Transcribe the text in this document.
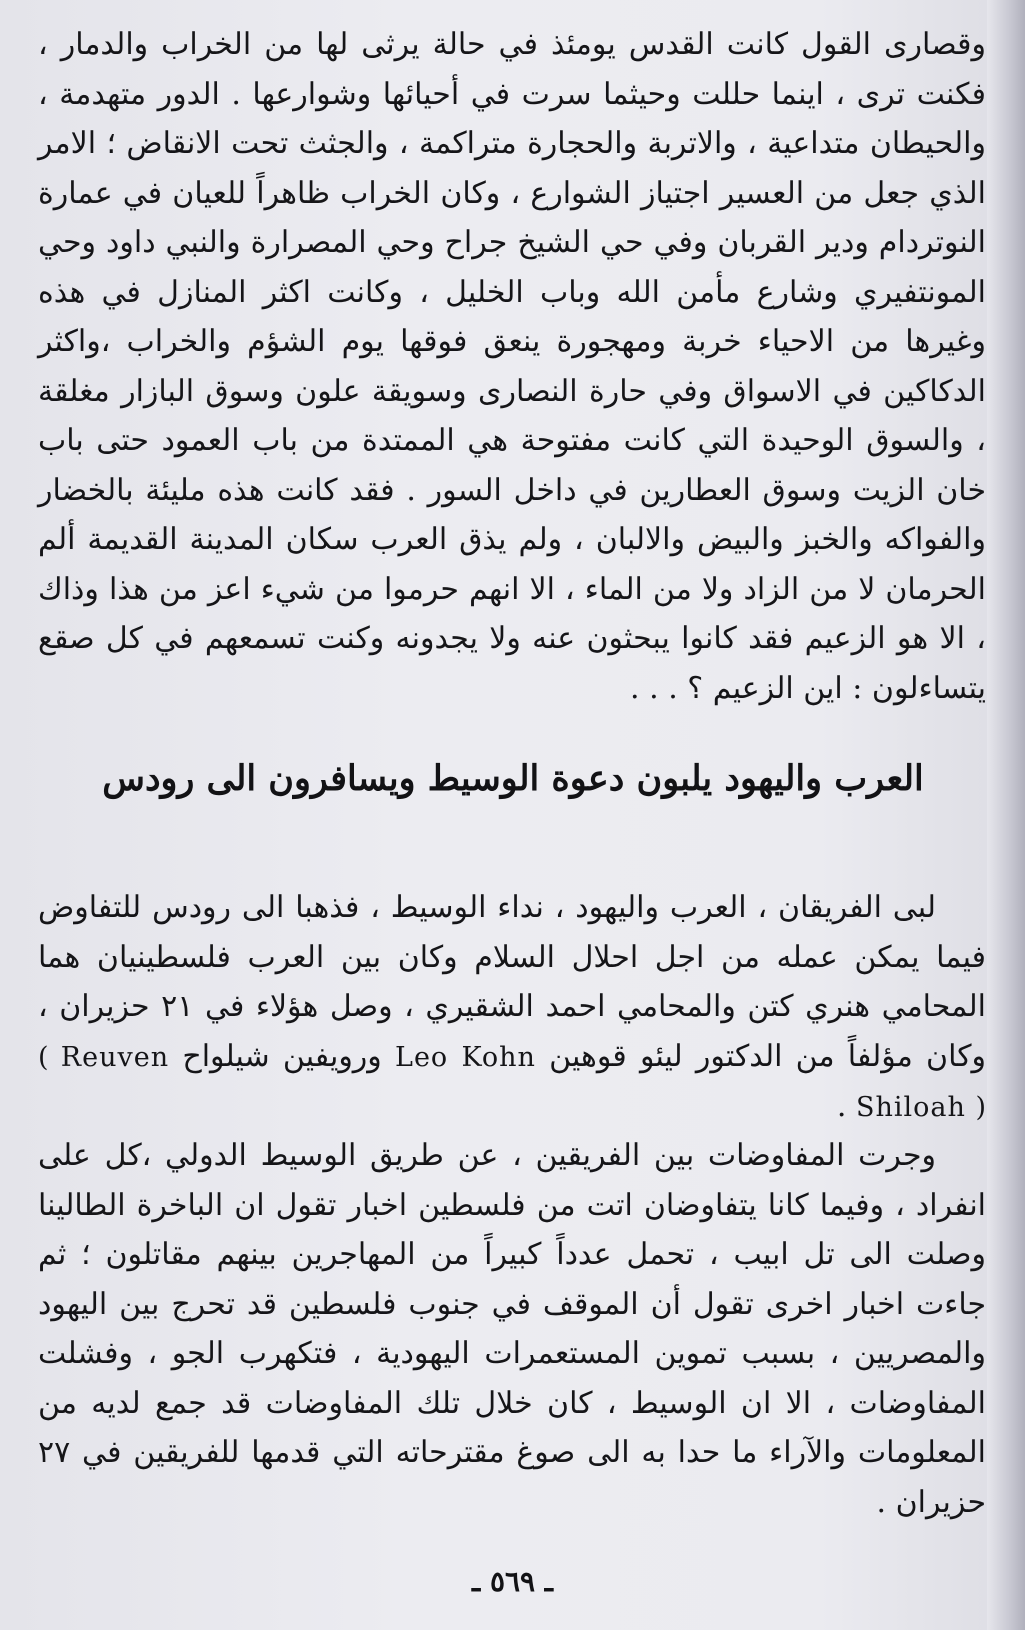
وقصارى القول كانت القدس يومئذ في حالة يرثى لها من الخراب والدمار ، فكنت ترى ، اينما حللت وحيثما سرت في أحيائها وشوارعها . الدور متهدمة ، والحيطان متداعية ، والاتربة والحجارة متراكمة ، والجثث تحت الانقاض ؛ الامر الذي جعل من العسير اجتياز الشوارع ، وكان الخراب ظاهراً للعيان في عمارة النوتردام ودير القربان وفي حي الشيخ جراح وحي المصرارة والنبي داود وحي المونتفيري وشارع مأمن الله وباب الخليل ، وكانت اكثر المنازل في هذه وغيرها من الاحياء خربة ومهجورة ينعق فوقها يوم الشؤم والخراب ،واكثر الدكاكين في الاسواق وفي حارة النصارى وسويقة علون وسوق البازار مغلقة ، والسوق الوحيدة التي كانت مفتوحة هي الممتدة من باب العمود حتى باب خان الزيت وسوق العطارين في داخل السور . فقد كانت هذه مليئة بالخضار والفواكه والخبز والبيض والالبان ، ولم يذق العرب سكان المدينة القديمة ألم الحرمان لا من الزاد ولا من الماء ، الا انهم حرموا من شيء اعز من هذا وذاك ، الا هو الزعيم فقد كانوا يبحثون عنه ولا يجدونه وكنت تسمعهم في كل صقع يتساءلون : اين الزعيم ؟ . . .

العرب واليهود يلبون دعوة الوسيط ويسافرون الى رودس

لبى الفريقان ، العرب واليهود ، نداء الوسيط ، فذهبا الى رودس للتفاوض فيما يمكن عمله من اجل احلال السلام وكان بين العرب فلسطينيان هما المحامي هنري كتن والمحامي احمد الشقيري ، وصل هؤلاء في ٢١ حزيران ، وكان مؤلفاً من الدكتور ليئو قوهين Leo Kohn ورويفين شيلواح ( Reuven Shiloah ) .

وجرت المفاوضات بين الفريقين ، عن طريق الوسيط الدولي ،كل على انفراد ، وفيما كانا يتفاوضان اتت من فلسطين اخبار تقول ان الباخرة الطالينا وصلت الى تل ابيب ، تحمل عدداً كبيراً من المهاجرين بينهم مقاتلون ؛ ثم جاءت اخبار اخرى تقول أن الموقف في جنوب فلسطين قد تحرج بين اليهود والمصريين ، بسبب تموين المستعمرات اليهودية ، فتكهرب الجو ، وفشلت المفاوضات ، الا ان الوسيط ، كان خلال تلك المفاوضات قد جمع لديه من المعلومات والآراء ما حدا به الى صوغ مقترحاته التي قدمها للفريقين في ٢٧ حزيران .

ـ ٥٦٩ ـ
